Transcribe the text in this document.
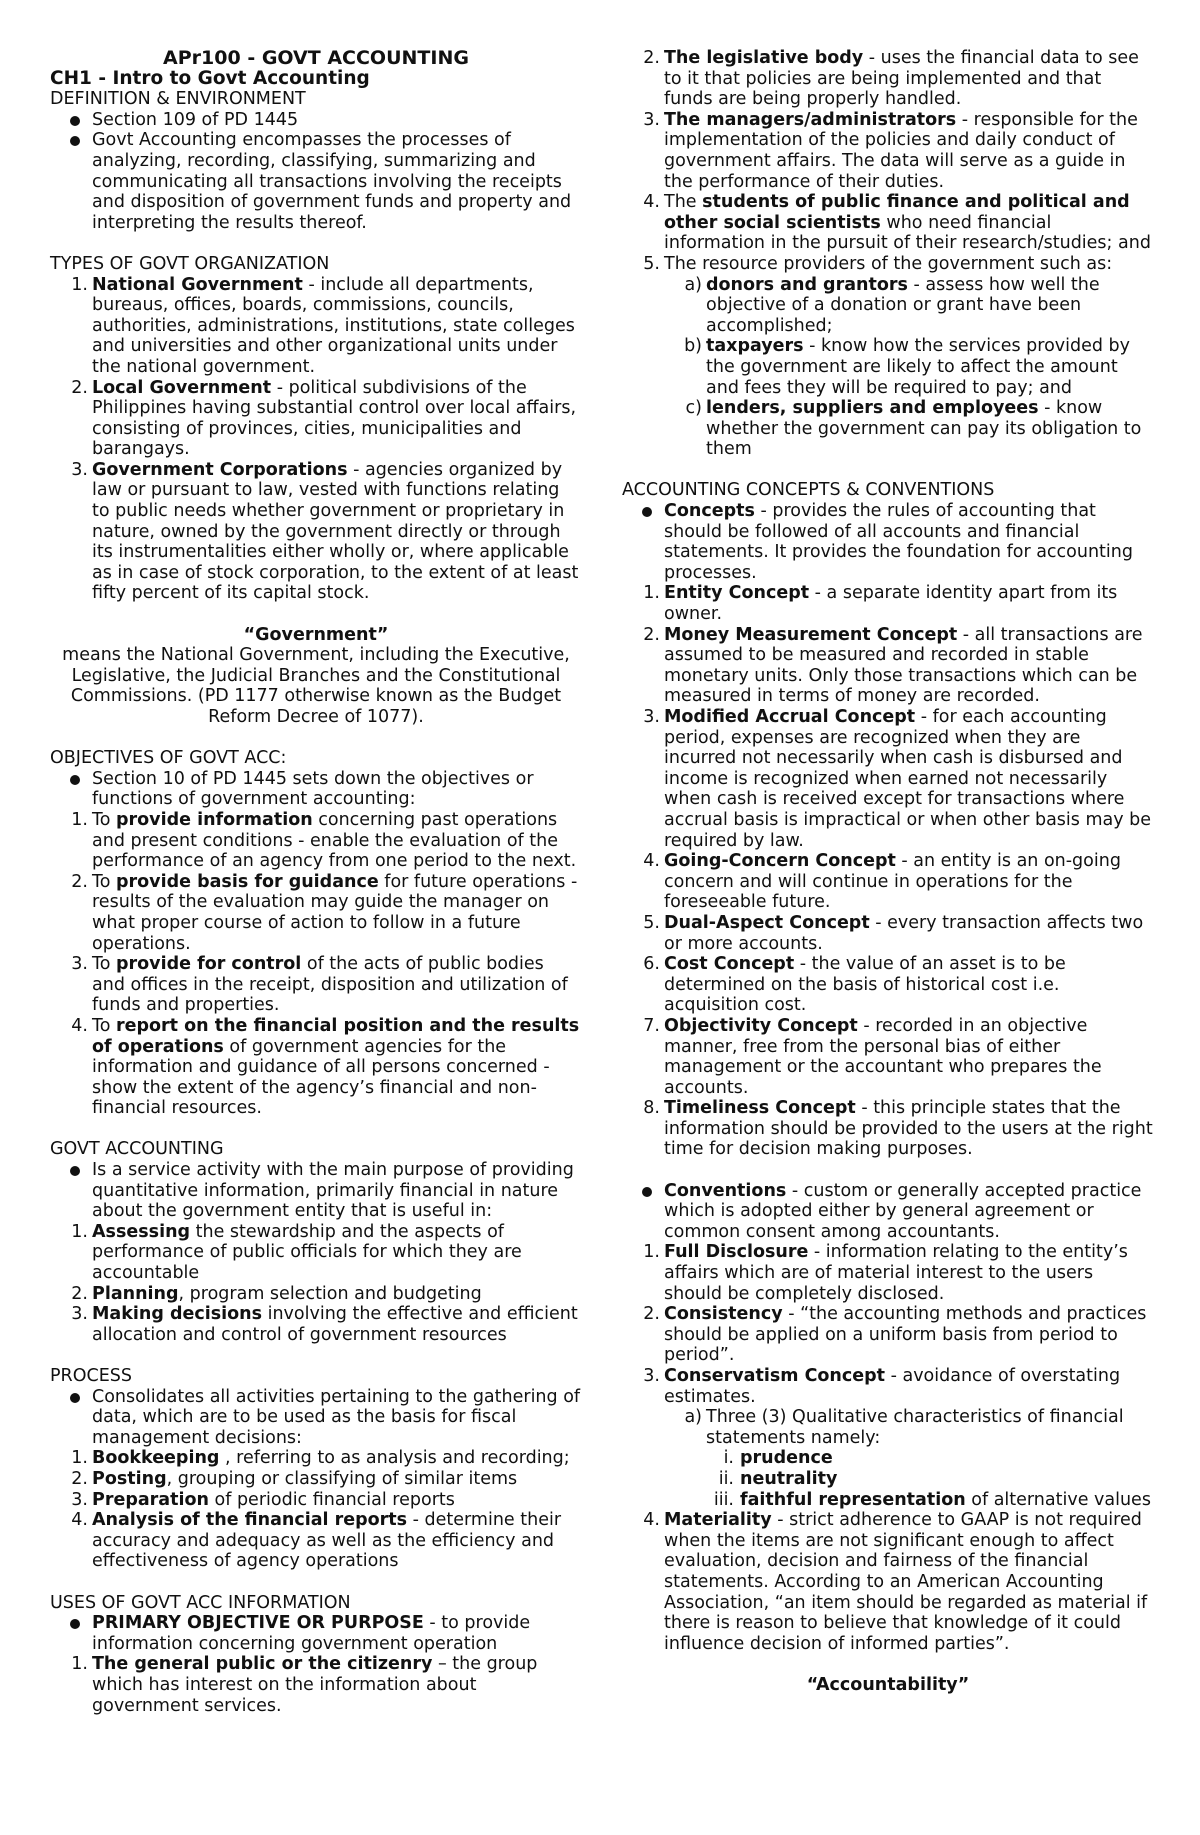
APr100 - GOVT ACCOUNTING
CH1 - Intro to Govt Accounting
DEFINITION & ENVIRONMENT
Section 109 of PD 1445
Govt Accounting encompasses the processes of analyzing, recording, classifying, summarizing and communicating all transactions involving the receipts and disposition of government funds and property and interpreting the results thereof.
TYPES OF GOVT ORGANIZATION
1. National Government - include all departments, bureaus, offices, boards, commissions, councils, authorities, administrations, institutions, state colleges and universities and other organizational units under the national government.
2. Local Government - political subdivisions of the Philippines having substantial control over local affairs, consisting of provinces, cities, municipalities and barangays.
3. Government Corporations - agencies organized by law or pursuant to law, vested with functions relating to public needs whether government or proprietary in nature, owned by the government directly or through its instrumentalities either wholly or, where applicable as in case of stock corporation, to the extent of at least fifty percent of its capital stock.
“Government”
means the National Government, including the Executive, Legislative, the Judicial Branches and the Constitutional Commissions. (PD 1177 otherwise known as the Budget Reform Decree of 1077).
OBJECTIVES OF GOVT ACC:
Section 10 of PD 1445 sets down the objectives or functions of government accounting:
1. To provide information concerning past operations and present conditions - enable the evaluation of the performance of an agency from one period to the next.
2. To provide basis for guidance for future operations - results of the evaluation may guide the manager on what proper course of action to follow in a future operations.
3. To provide for control of the acts of public bodies and offices in the receipt, disposition and utilization of funds and properties.
4. To report on the financial position and the results of operations of government agencies for the information and guidance of all persons concerned - show the extent of the agency’s financial and non-financial resources.
GOVT ACCOUNTING
Is a service activity with the main purpose of providing quantitative information, primarily financial in nature about the government entity that is useful in:
1. Assessing the stewardship and the aspects of performance of public officials for which they are accountable
2. Planning, program selection and budgeting
3. Making decisions involving the effective and efficient allocation and control of government resources
PROCESS
Consolidates all activities pertaining to the gathering of data, which are to be used as the basis for fiscal management decisions:
1. Bookkeeping , referring to as analysis and recording;
2. Posting, grouping or classifying of similar items
3. Preparation of periodic financial reports
4. Analysis of the financial reports - determine their accuracy and adequacy as well as the efficiency and effectiveness of agency operations
USES OF GOVT ACC INFORMATION
PRIMARY OBJECTIVE OR PURPOSE - to provide information concerning government operation
1. The general public or the citizenry – the group which has interest on the information about government services.
2. The legislative body - uses the financial data to see to it that policies are being implemented and that funds are being properly handled.
3. The managers/administrators - responsible for the implementation of the policies and daily conduct of government affairs. The data will serve as a guide in the performance of their duties.
4. The students of public finance and political and other social scientists who need financial information in the pursuit of their research/studies; and
5. The resource providers of the government such as:
a) donors and grantors - assess how well the objective of a donation or grant have been accomplished;
b) taxpayers - know how the services provided by the government are likely to affect the amount and fees they will be required to pay; and
c) lenders, suppliers and employees - know whether the government can pay its obligation to them
ACCOUNTING CONCEPTS & CONVENTIONS
Concepts - provides the rules of accounting that should be followed of all accounts and financial statements. It provides the foundation for accounting processes.
1. Entity Concept - a separate identity apart from its owner.
2. Money Measurement Concept - all transactions are assumed to be measured and recorded in stable monetary units. Only those transactions which can be measured in terms of money are recorded.
3. Modified Accrual Concept - for each accounting period, expenses are recognized when they are incurred not necessarily when cash is disbursed and income is recognized when earned not necessarily when cash is received except for transactions where accrual basis is impractical or when other basis may be required by law.
4. Going-Concern Concept - an entity is an on-going concern and will continue in operations for the foreseeable future.
5. Dual-Aspect Concept - every transaction affects two or more accounts.
6. Cost Concept - the value of an asset is to be determined on the basis of historical cost i.e. acquisition cost.
7. Objectivity Concept - recorded in an objective manner, free from the personal bias of either management or the accountant who prepares the accounts.
8. Timeliness Concept - this principle states that the information should be provided to the users at the right time for decision making purposes.
Conventions - custom or generally accepted practice which is adopted either by general agreement or common consent among accountants.
1. Full Disclosure - information relating to the entity’s affairs which are of material interest to the users should be completely disclosed.
2. Consistency - “the accounting methods and practices should be applied on a uniform basis from period to period”.
3. Conservatism Concept - avoidance of overstating estimates.
a) Three (3) Qualitative characteristics of financial statements namely:
i. prudence
ii. neutrality
iii. faithful representation of alternative values
4. Materiality - strict adherence to GAAP is not required when the items are not significant enough to affect evaluation, decision and fairness of the financial statements. According to an American Accounting Association, “an item should be regarded as material if there is reason to believe that knowledge of it could influence decision of informed parties”.
“Accountability”
